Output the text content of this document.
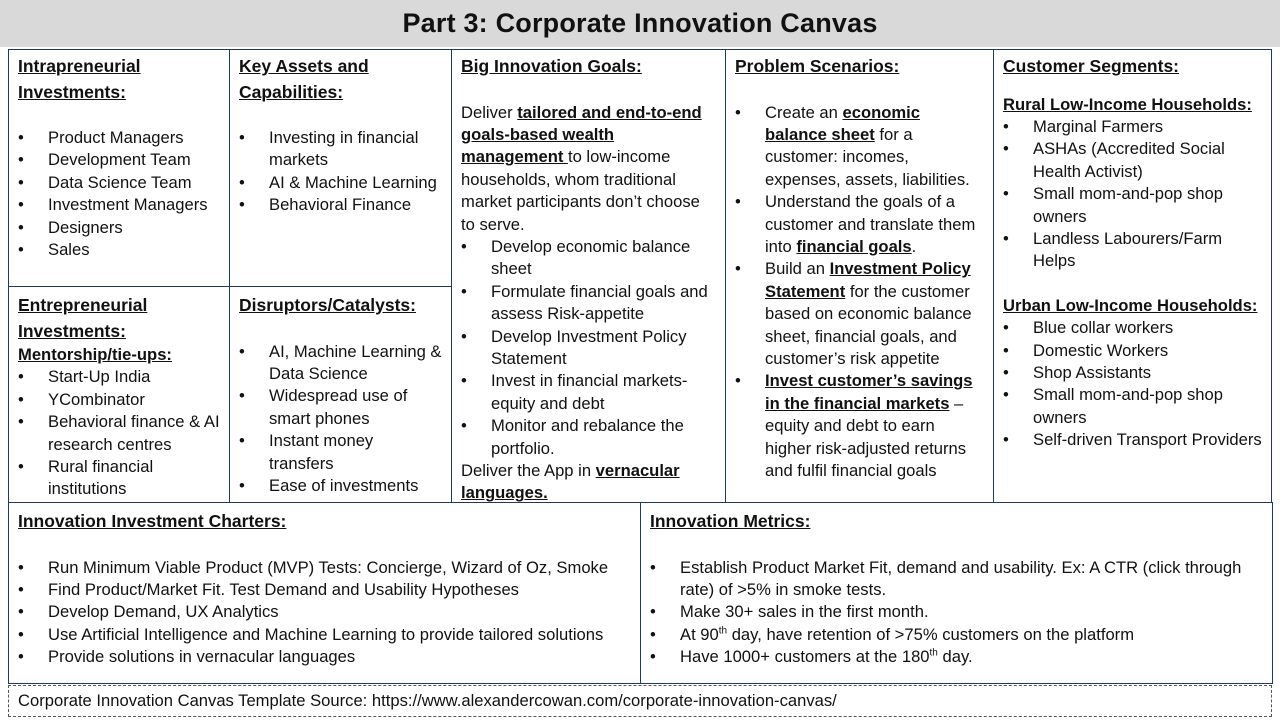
Part 3: Corporate Innovation Canvas
Intrapreneurial Investments:
• Product Managers
• Development Team
• Data Science Team
• Investment Managers
• Designers
• Sales
Key Assets and Capabilities:
• Investing in financial markets
• AI & Machine Learning
• Behavioral Finance
Entrepreneurial Investments:
Mentorship/tie-ups:
• Start-Up India
• YCombinator
• Behavioral finance & AI research centres
• Rural financial institutions
Disruptors/Catalysts:
• AI, Machine Learning & Data Science
• Widespread use of smart phones
• Instant money transfers
• Ease of investments
Big Innovation Goals:

Deliver tailored and end-to-end goals-based wealth management to low-income households, whom traditional market participants don’t choose to serve.

• Develop economic balance sheet
• Formulate financial goals and assess Risk-appetite
• Develop Investment Policy Statement
• Invest in financial markets- equity and debt
• Monitor and rebalance the portfolio.

Deliver the App in vernacular languages.

Problem Scenarios:
• Create an economic balance sheet for a customer: incomes, expenses, assets, liabilities.
• Understand the goals of a customer and translate them into financial goals.
• Build an Investment Policy Statement for the customer based on economic balance sheet, financial goals, and customer’s risk appetite
• Invest customer’s savings in the financial markets – equity and debt to earn higher risk-adjusted returns and fulfil financial goals
Customer Segments:
Rural Low-Income Households:
• Marginal Farmers
• ASHAs (Accredited Social Health Activist)
• Small mom-and-pop shop owners
• Landless Labourers/Farm Helps
Urban Low-Income Households:
• Blue collar workers
• Domestic Workers
• Shop Assistants
• Small mom-and-pop shop owners
• Self-driven Transport Providers
Innovation Investment Charters:
• Run Minimum Viable Product (MVP) Tests: Concierge, Wizard of Oz, Smoke
• Find Product/Market Fit. Test Demand and Usability Hypotheses
• Develop Demand, UX Analytics
• Use Artificial Intelligence and Machine Learning to provide tailored solutions
• Provide solutions in vernacular languages
Innovation Metrics:
• Establish Product Market Fit, demand and usability. Ex: A CTR (click through rate) of >5% in smoke tests.
• Make 30+ sales in the first month.
• At 90th day, have retention of >75% customers on the platform
• Have 1000+ customers at the 180th day.
Corporate Innovation Canvas Template Source: https://www.alexandercowan.com/corporate-innovation-canvas/
